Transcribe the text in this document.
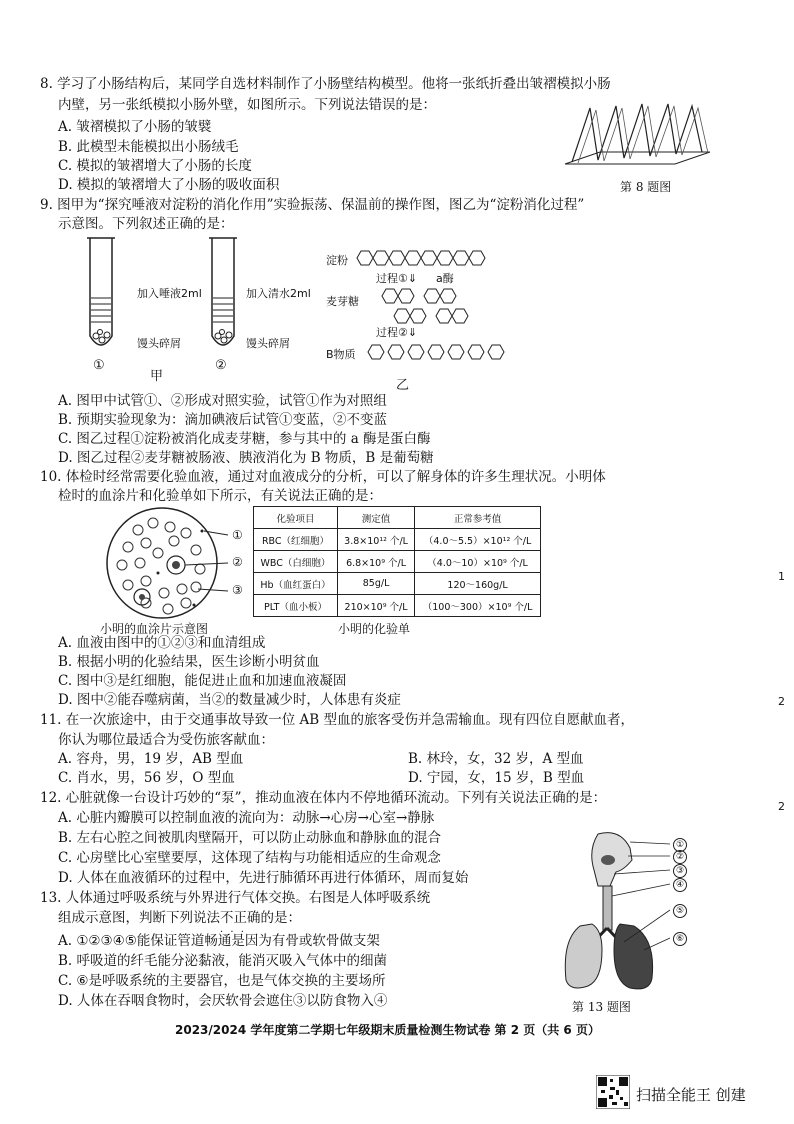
8. 学习了小肠结构后，某同学自选材料制作了小肠壁结构模型。他将一张纸折叠出皱褶模拟小肠
内壁，另一张纸模拟小肠外壁，如图所示。下列说法错误的是：
A. 皱褶模拟了小肠的皱襞
B. 此模型未能模拟出小肠绒毛
C. 模拟的皱褶增大了小肠的长度
D. 模拟的皱褶增大了小肠的吸收面积	第 8 题图
9. 图甲为“探究唾液对淀粉的消化作用”实验振荡、保温前的操作图，图乙为“淀粉消化过程”
示意图。下列叙述正确的是：
加入唾液2ml
馒头碎屑
①
加入清水2ml
馒头碎屑
②
甲
淀粉
过程①⇓ a酶
麦芽糖
过程②⇓
B物质
乙
A. 图甲中试管①、②形成对照实验，试管①作为对照组
B. 预期实验现象为：滴加碘液后试管①变蓝，②不变蓝
C. 图乙过程①淀粉被消化成麦芽糖，参与其中的 a 酶是蛋白酶
D. 图乙过程②麦芽糖被肠液、胰液消化为 B 物质，B 是葡萄糖
10. 体检时经常需要化验血液，通过对血液成分的分析，可以了解身体的许多生理状况。小明体
检时的血涂片和化验单如下所示，有关说法正确的是：
①
②
③
小明的血涂片示意图
化验项目	测定值	正常参考值
RBC（红细胞）	3.8×10¹² 个/L	（4.0～5.5）×10¹² 个/L
WBC（白细胞）	6.8×10⁹ 个/L	（4.0～10）×10⁹ 个/L
Hb（血红蛋白）	85g/L	120～160g/L
PLT（血小板）	210×10⁹ 个/L	（100～300）×10⁹ 个/L
小明的化验单
A. 血液由图中的①②③和血清组成
B. 根据小明的化验结果，医生诊断小明贫血
C. 图中③是红细胞，能促进止血和加速血液凝固
D. 图中②能吞噬病菌，当②的数量减少时，人体患有炎症
11. 在一次旅途中，由于交通事故导致一位 AB 型血的旅客受伤并急需输血。现有四位自愿献血者，
你认为哪位最适合为受伤旅客献血：
A. 容舟，男，19 岁，AB 型血	B. 林玲，女，32 岁，A 型血
C. 肖水，男，56 岁，O 型血	D. 宁园，女，15 岁，B 型血
12. 心脏就像一台设计巧妙的“泵”，推动血液在体内不停地循环流动。下列有关说法正确的是：
A. 心脏内瓣膜可以控制血液的流向为：动脉→心房→心室→静脉
B. 左右心腔之间被肌肉壁隔开，可以防止动脉血和静脉血的混合
C. 心房壁比心室壁要厚，这体现了结构与功能相适应的生命观念
D. 人体在血液循环的过程中，先进行肺循环再进行体循环，周而复始
13. 人体通过呼吸系统与外界进行气体交换。右图是人体呼吸系统
组成示意图，判断下列说法不正确 · · ·的是：
A. ①②③④⑤能保证管道畅通是因为有骨或软骨做支架
B. 呼吸道的纤毛能分泌黏液，能消灭吸入气体中的细菌
C. ⑥是呼吸系统的主要器官，也是气体交换的主要场所
D. 人体在吞咽食物时，会厌软骨会遮住③以防食物入④
①
②
③
④
⑤
⑥
第 13 题图
2023/2024 学年度第二学期七年级期末质量检测生物试卷 第 2 页（共 6 页）
1
2
2
扫描全能王 创建
